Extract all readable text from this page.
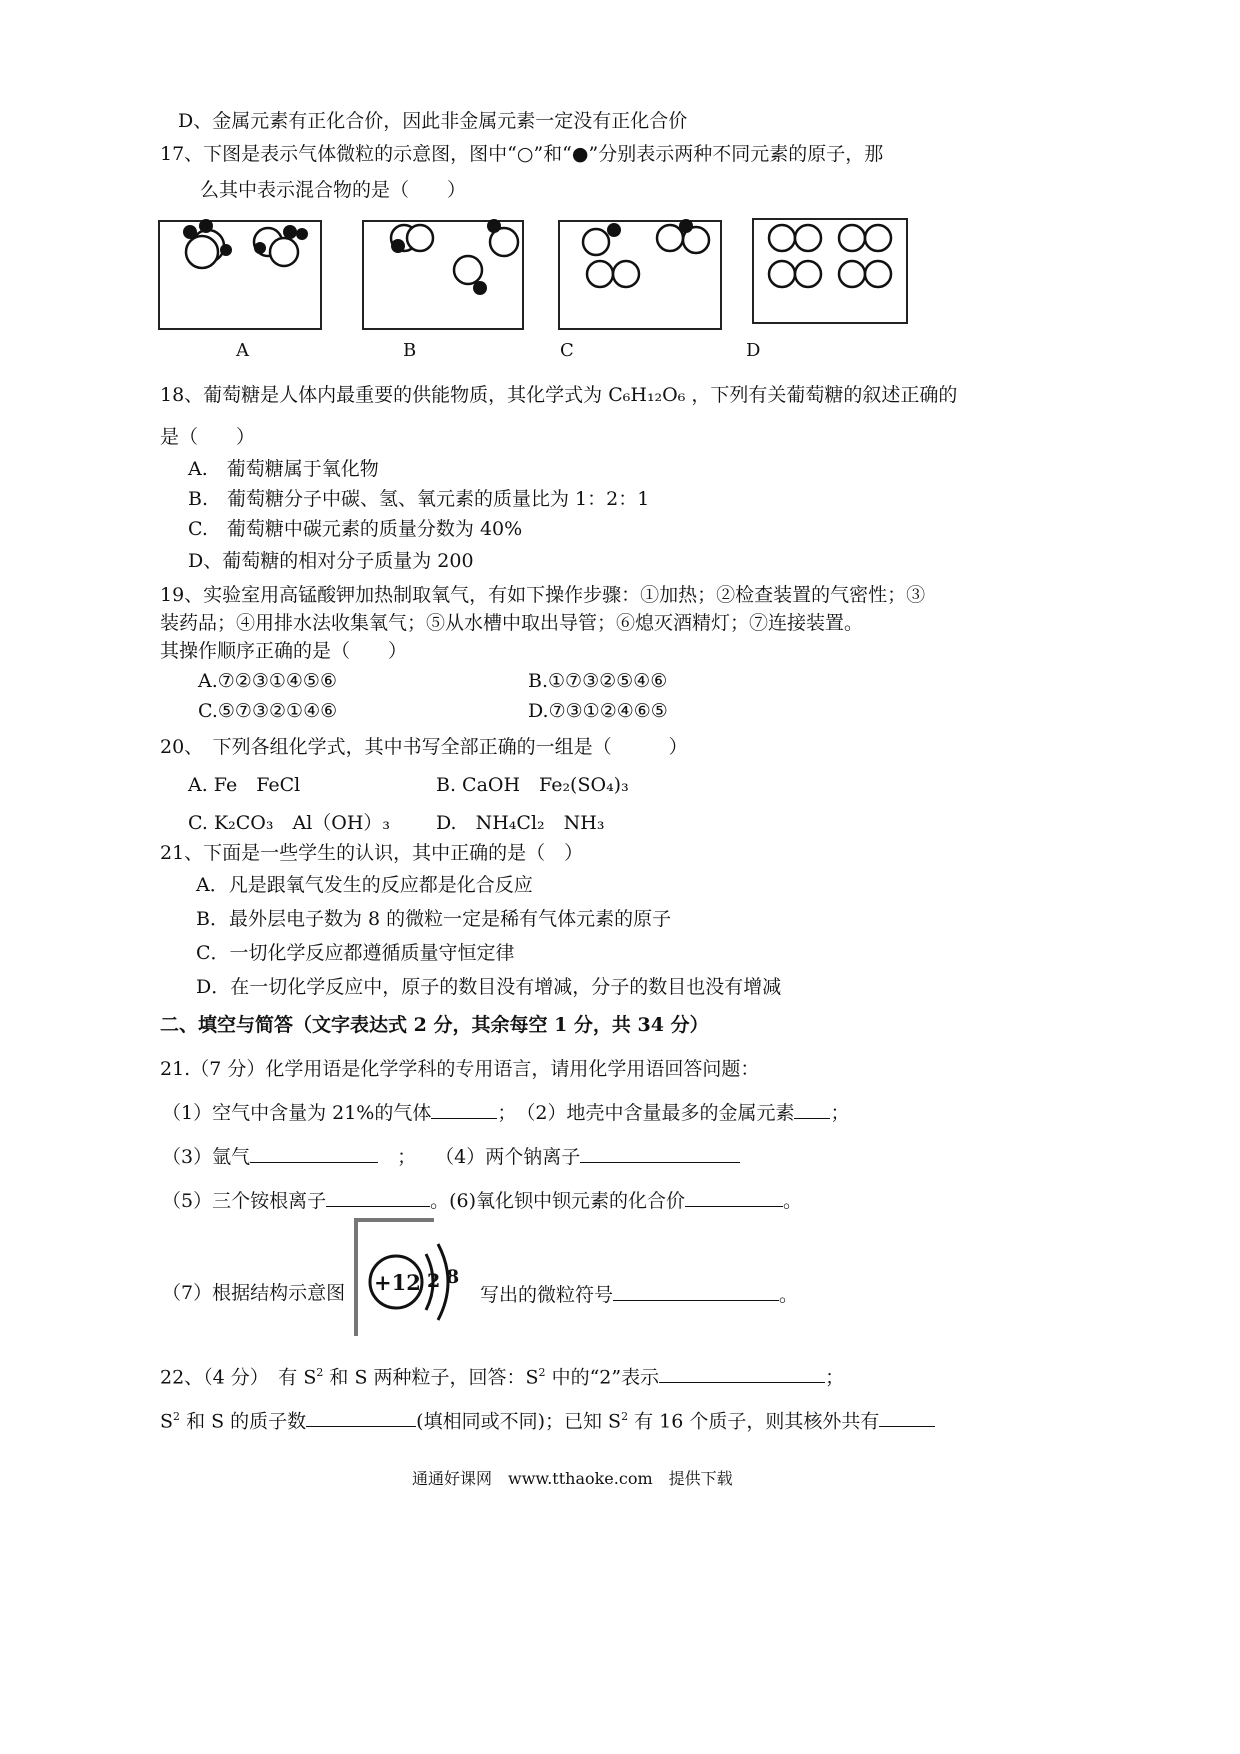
D、金属元素有正化合价，因此非金属元素一定没有正化合价
17、下图是表示气体微粒的示意图，图中“○”和“●”分别表示两种不同元素的原子，那
么其中表示混合物的是（　　）
A	B	C	D
18、葡萄糖是人体内最重要的供能物质，其化学式为 C₆H₁₂O₆ ，下列有关葡萄糖的叙述正确的
是（　　）
A.　葡萄糖属于氧化物
B.　葡萄糖分子中碳、氢、氧元素的质量比为 1：2：1
C.　葡萄糖中碳元素的质量分数为 40%
D、葡萄糖的相对分子质量为 200
19、实验室用高锰酸钾加热制取氧气，有如下操作步骤：①加热；②检查装置的气密性；③
装药品；④用排水法收集氧气；⑤从水槽中取出导管；⑥熄灭酒精灯；⑦连接装置。
其操作顺序正确的是（　　）
A.⑦②③①④⑤⑥	B.①⑦③②⑤④⑥
C.⑤⑦③②①④⑥	D.⑦③①②④⑥⑤
20、　下列各组化学式，其中书写全部正确的一组是（　　　）
A. Fe　FeCl	B. CaOH　Fe₂(SO₄)₃
C. K₂CO₃　Al（OH）₃ D.　NH₄Cl₂　NH₃
21、下面是一些学生的认识，其中正确的是（　）
A．凡是跟氧气发生的反应都是化合反应
B．最外层电子数为 8 的微粒一定是稀有气体元素的原子
C．一切化学反应都遵循质量守恒定律
D．在一切化学反应中，原子的数目没有增减，分子的数目也没有增减
二、填空与简答（文字表达式 2 分，其余每空 1 分，共 34 分）
21.（7 分）化学用语是化学学科的专用语言，请用化学用语回答问题：
（1）空气中含量为 21%的气体	；　 （2）地壳中含量最多的金属元素 ；
（3）氩气　	；　　 （4）两个钠离子
（5）三个铵根离子	。(6)氧化钡中钡元素的化合价	。
（7）根据结构示意图 +12 2 8
写出的微粒符号	。
22、（4 分）　有 $S^2$ 和 S 两种粒子，回答：$S^2$ 中的“2”表示	；
$S^2$ 和 S 的质子数	(填相同或不同)；已知 $S^2$ 有 16 个质子，则其核外共有
通通好课网　www.tthaoke.com　提供下载
